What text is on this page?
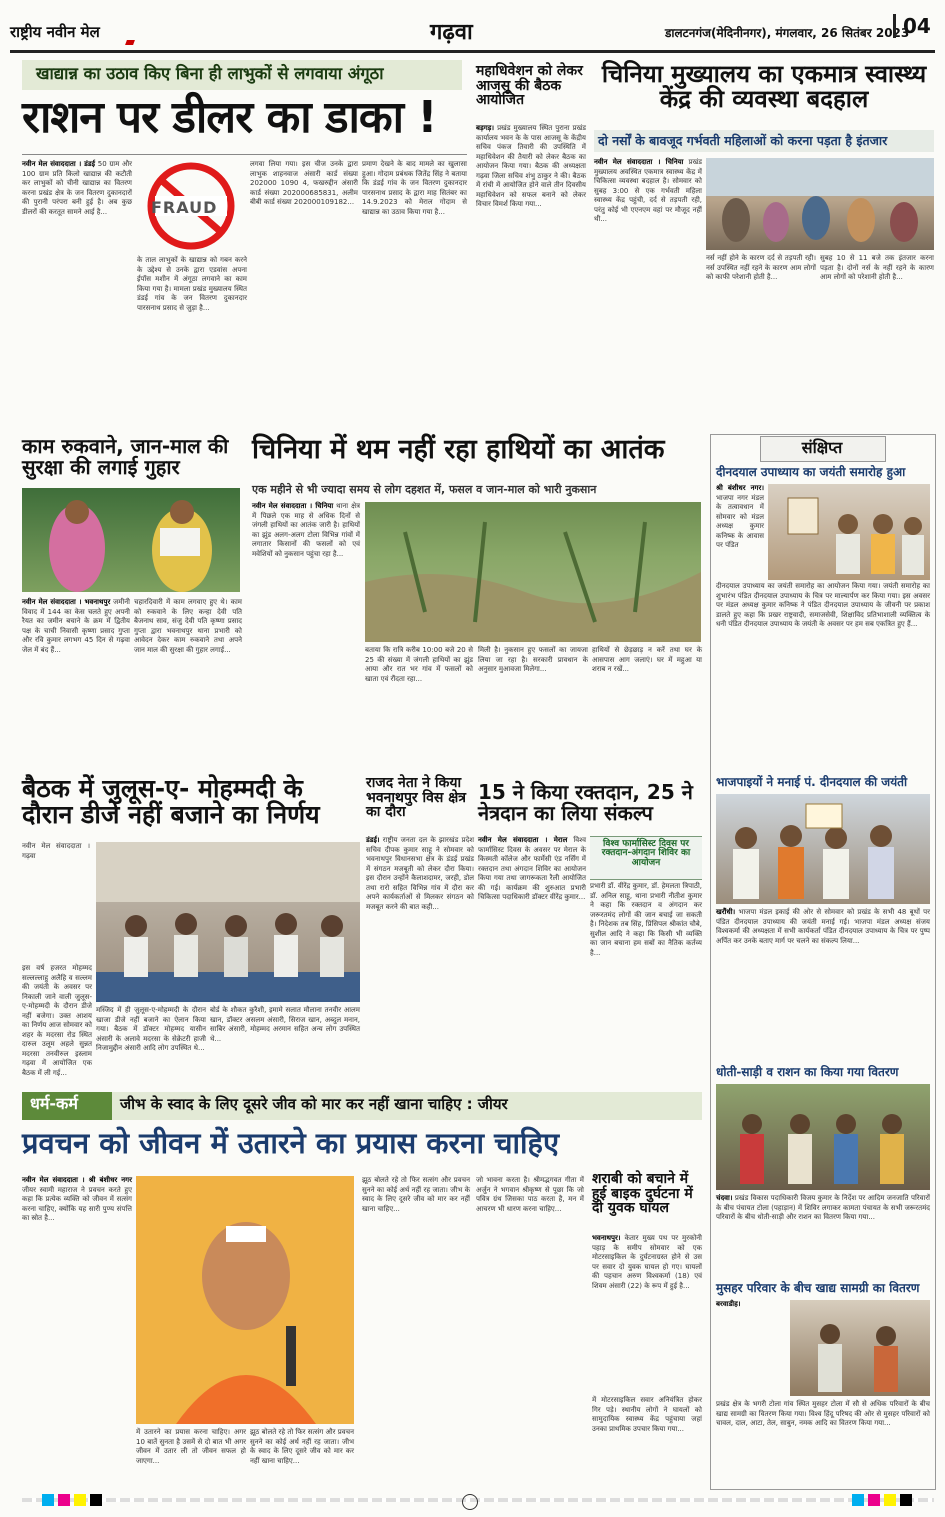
राष्ट्रीय नवीन मेल	गढ़वा	डालटनगंज(मेदिनीनगर), मंगलवार, 26 सितंबर 2023
04
खाद्यान्न का उठाव किए बिना ही लाभुकों से लगवाया अंगूठा
राशन पर डीलर का डाका !
नवीन मेल संवाददाता । डंडई 50 ग्राम और 100 ग्राम प्रति किलो खाद्यान्न की कटौती कर लाभुकों को चीनी खाद्यान्न का वितरण करना प्रखंड क्षेत्र के जन वितरण दुकानदारों की पुरानी परंपरा बनी हुई है। अब कुछ डीलरों की करतूत सामने आई है...	FRAUD
के ताल लाभुकों के खाद्यान्न को गबन करने के उद्देश्य से उनके द्वारा एडवांस अपना ईपॉस मशीन में अंगूठा लगवाने का काम किया गया है। मामला प्रखंड मुख्यालय स्थित डंडई गांव के जन वितरण दुकानदार पारसनाथ प्रसाद से जुड़ा है...
लगवा लिया गया। इस चीज उनके द्वारा लाभुक शाहनवाज अंसारी कार्ड संख्या 202000 1090 4, फखरुद्दीन अंसारी कार्ड संख्या 202000685831, अलीम बीबी कार्ड संख्या 202000109182...
प्रमाण देखने के बाद मामले का खुलासा हुआ। गोदाम प्रबंधक जितेंद्र सिंह ने बताया कि डंडई गांव के जन वितरण दुकानदार पारसनाथ प्रसाद के द्वारा माह सितंबर का 14.9.2023 को मेराल गोदाम से खाद्यान्न का उठाव किया गया है...
महाधिवेशन को लेकर आजसू की बैठक आयोजित
बड़गड़। प्रखंड मुख्यालय स्थित पुराना प्रखंड कार्यालय भवन के के पास आजसू के केंद्रीय सचिव पंकज तिवारी की उपस्थिति में महाधिवेशन की तैयारी को लेकर बैठक का आयोजन किया गया। बैठक की अध्यक्षता गढ़वा जिला सचिव शंभु ठाकुर ने की। बैठक में रांची में आयोजित होने वाले तीन दिवसीय महाधिवेशन को सफल बनाने को लेकर विचार विमर्श किया गया...
चिनिया मुख्यालय का एकमात्र स्वास्थ्य केंद्र की व्यवस्था बदहाल
दो नर्सों के बावजूद गर्भवती महिलाओं को करना पड़ता है इंतजार
नवीन मेल संवाददाता । चिनिया प्रखंड मुख्यालय अवस्थित एकमात्र स्वास्थ्य केंद्र में चिकित्सा व्यवस्था बदहाल है। सोमवार को सुबह 3:00 से एक गर्भवती महिला स्वास्थ्य केंद्र पहुंची, दर्द से तड़पती रही, परंतु कोई भी एएनएम वहां पर मौजूद नहीं थी...
नर्स नहीं होने के कारण दर्द से तड़पती रही। नर्स उपस्थित नहीं रहने के कारण आम लोगों को काफी परेशानी होती है...
सुबह 10 से 11 बजे तक इंतजार करना पड़ता है। दोनों नर्स के नहीं रहने के कारण आम लोगों को परेशानी होती है...
काम रुकवाने, जान-माल की सुरक्षा की लगाई गुहार
नवीन मेल संवाददाता । भवनाथपुर जमीनी विवाद में 144 का केस चलते हुए अपनी रैयत का जमीन बचाने के क्रम में द्वितीय पक्ष के चाची निवासी कृष्णा प्रसाद गुप्ता और रवि कुमार लगभग 45 दिन से गढ़वा जेल में बंद हैं...
चहारदिवारी में काम लगवाए हुए थे। काम को रुकवाने के लिए कन्हा देवी पति बैजनाथ साव, संजु देवी पति कृष्णा प्रसाद गुप्ता द्वारा भवनाथपुर थाना प्रभारी को आवेदन देकर काम रुकवाने तथा अपने जान माल की सुरक्षा की गुहार लगाई...
चिनिया में थम नहीं रहा हाथियों का आतंक
एक महीने से भी ज्यादा समय से लोग दहशत में, फसल व जान-माल को भारी नुकसान
नवीन मेल संवाददाता । चिनिया थाना क्षेत्र में पिछले एक माह से अधिक दिनों से जंगली हाथियों का आतंक जारी है। हाथियों का झुंड अलग-अलग टोला विभिन्न गांवों में लगातार किसानों की फसलों को एवं मवेशियों को नुकसान पहुंचा रहा है...
बताया कि रात्रि करीब 10:00 बजे 20 से 25 की संख्या में जंगली हाथियों का झुंड आया और रात भर गांव में फसलों को खाता एवं रौंदता रहा...
मिली है। नुकसान हुए फसलों का जायजा लिया जा रहा है। सरकारी प्रावधान के अनुसार मुआवजा मिलेगा...
हाथियों से छेड़छाड़ न करें तथा घर के आसपास आग जलाएं। घर में महुआ या शराब न रखें...
संक्षिप्त
दीनदयाल उपाध्याय का जयंती समारोह हुआ
श्री बंशीधर नगर। भाजपा नगर मंडल के तत्वावधान में सोमवार को मंडल अध्यक्ष कुमार कनिष्क के आवास पर पंडित
दीनदयाल उपाध्याय का जयंती समारोह का आयोजन किया गया। जयंती समारोह का शुभारंभ पंडित दीनदयाल उपाध्याय के चित्र पर माल्यार्पण कर किया गया। इस अवसर पर मंडल अध्यक्ष कुमार कनिष्क ने पंडित दीनदयाल उपाध्याय के जीवनी पर प्रकाश डालते हुए कहा कि प्रखर राष्ट्रवादी, समाजसेवी, शिक्षाविद प्रतिभाशाली व्यक्तित्व के धनी पंडित दीनदयाल उपाध्याय के जयंती के अवसर पर हम सब एकत्रित हुए हैं...
भाजपाइयों ने मनाई पं. दीनदयाल की जयंती
खरौंधी। भाजपा मंडल इकाई की ओर से सोमवार को प्रखंड के सभी 48 बूथों पर पंडित दीनदयाल उपाध्याय की जयंती मनाई गई। भाजपा मंडल अध्यक्ष संजय विश्वकर्मा की अध्यक्षता में सभी कार्यकर्ता पंडित दीनदयाल उपाध्याय के चित्र पर पुष्प अर्पित कर उनके बताए मार्ग पर चलने का संकल्प लिया...
धोती-साड़ी व राशन का किया गया वितरण
चंदवा। प्रखंड विकास पदाधिकारी विजय कुमार के निर्देश पर आदिम जनजाति परिवारों के बीच पंचायत टोला (पहाड़ान) में शिविर लगाकर कामता पंचायत के सभी जरूरतमंद परिवारों के बीच धोती-साड़ी और राशन का वितरण किया गया...
मुसहर परिवार के बीच खाद्य सामग्री का वितरण
बरवाडीह।
प्रखंड क्षेत्र के भगरी टोला गांव स्थित मुसहर टोला में सौ से अधिक परिवारों के बीच खाद्य सामग्री का वितरण किया गया। विश्व हिंदू परिषद की ओर से मुसहर परिवारों को चावल, दाल, आटा, तेल, साबुन, नमक आदि का वितरण किया गया...
बैठक में जुलूस-ए- मोहम्मदी के दौरान डीजे नहीं बजाने का निर्णय
नवीन मेल संवाददाता । गढ़वा
इस वर्ष हजरत मोहम्मद सल्लल्लाहु अलैहि व सल्लम की जयंती के अवसर पर निकाली जाने वाली जुलूस-ए-मोहम्मदी के दौरान डीजे नहीं बजेगा। उक्त आशय का निर्णय आज सोमवार को शहर के मदरसा रोड स्थित दारुल उलूम अहले सुन्नत मदरसा तनवीरुल इस्लाम गढ़वा में आयोजित एक बैठक में ली गई...
मस्जिद में ही जुलूस-ए-मोहम्मदी के दौरान खाजा डीजे नहीं बजाने का ऐलान किया गया। बैठक में डॉक्टर मोहम्मद यासीन अंसारी के अलावे मदरसा के सेक्रेटरी हाजी निजामुद्दीन अंसारी आदि लोग उपस्थित थे...
बोर्ड के शौकत कुरैशी, इमामे सलात मौलाना तनवीर आलम खान, डॉक्टर असलम अंसारी, सिराज खान, अब्दुल मनान, साबिर अंसारी, मोहम्मद अरमान सहित अन्य लोग उपस्थित थे...
राजद नेता ने किया भवनाथपुर विस क्षेत्र का दौरा
डंडई। राष्ट्रीय जनता दल के झारखंड प्रदेश सचिव दीपक कुमार साहू ने सोमवार को भवनाथपुर विधानसभा क्षेत्र के डंडई प्रखंड में संगठन मजबूती को लेकर दौरा किया। इस दौरान उन्होंने कैलाशदामर, जरही, डोल तथा रारो सहित विभिन्न गांव में दौरा कर अपने कार्यकर्ताओं से मिलकर संगठन को मजबूत करने की बात कही...
15 ने किया रक्तदान, 25 ने नेत्रदान का लिया संकल्प
नवीन मेल संवाददाता । मेराल विश्व फार्मासिस्ट दिवस के अवसर पर मेराल के किस्मती कॉलेज और फार्मेसी एंड नर्सिंग में रक्तदान तथा अंगदान शिविर का आयोजन किया गया तथा जागरूकता रैली आयोजित की गई। कार्यक्रम की शुरुआत प्रभारी चिकित्सा पदाधिकारी डॉक्टर वीरेंद्र कुमार...
विश्व फार्मासिस्ट दिवस पर रक्तदान-अंगदान शिविर का आयोजन
प्रभारी डॉ. वीरेंद्र कुमार, डॉ. हेमलता त्रिपाठी, डॉ. अनिल साहू, थाना प्रभारी नीतीश कुमार ने कहा कि रक्तदान व अंगदान कर जरूरतमंद लोगों की जान बचाई जा सकती है। निदेशक तब सिंह, प्रिंसिपल श्रीकांत चौबे, सुशील आदि ने कहा कि किसी भी व्यक्ति का जान बचाना हम सबों का नैतिक कर्तव्य है...
धर्म-कर्म	जीभ के स्वाद के लिए दूसरे जीव को मार कर नहीं खाना चाहिए : जीयर
प्रवचन को जीवन में उतारने का प्रयास करना चाहिए
नवीन मेल संवाददाता । श्री बंशीधर नगर जीयर स्वामी महाराज ने प्रवचन करते हुए कहा कि प्रत्येक व्यक्ति को जीवन में सत्संग करना चाहिए, क्योंकि यह सारी पुण्य संपत्ति का स्रोत है...
में उतारने का प्रयास करना चाहिए। अगर 10 बातें सुनता है उसमें से दो बात भी अगर जीवन में उतार ली तो जीवन सफल हो जाएगा...
झूठ बोलते रहे तो फिर सत्संग और प्रवचन सुनने का कोई अर्थ नहीं रह जाता। जीभ के स्वाद के लिए दूसरे जीव को मार कर नहीं खाना चाहिए...
झूठ बोलते रहे तो फिर सत्संग और प्रवचन सुनने का कोई अर्थ नहीं रह जाता। जीभ के स्वाद के लिए दूसरे जीव को मार कर नहीं खाना चाहिए...
जो भावना करता है। श्रीमद्भगवत गीता में अर्जुन ने भगवान श्रीकृष्ण से पूछा कि जो पवित्र ग्रंथ जिसका पाठ करता है, मन में आचरण भी धारण करना चाहिए...
शराबी को बचाने में हुई बाइक दुर्घटना में दो युवक घायल
भवनाथपुर। केतार मुख्य पथ पर मुरकोनी पहाड़ के समीप सोमवार को एक मोटरसाइकिल के दुर्घटनाग्रस्त होने से उस पर सवार दो युवक घायल हो गए। घायलों की पहचान अरुण विश्वकर्मा (18) एवं शिवम अंसारी (22) के रूप में हुई है...
में मोटरसाइकिल सवार अनियंत्रित होकर गिर पड़े। स्थानीय लोगों ने घायलों को सामुदायिक स्वास्थ्य केंद्र पहुंचाया जहां उनका प्राथमिक उपचार किया गया...
